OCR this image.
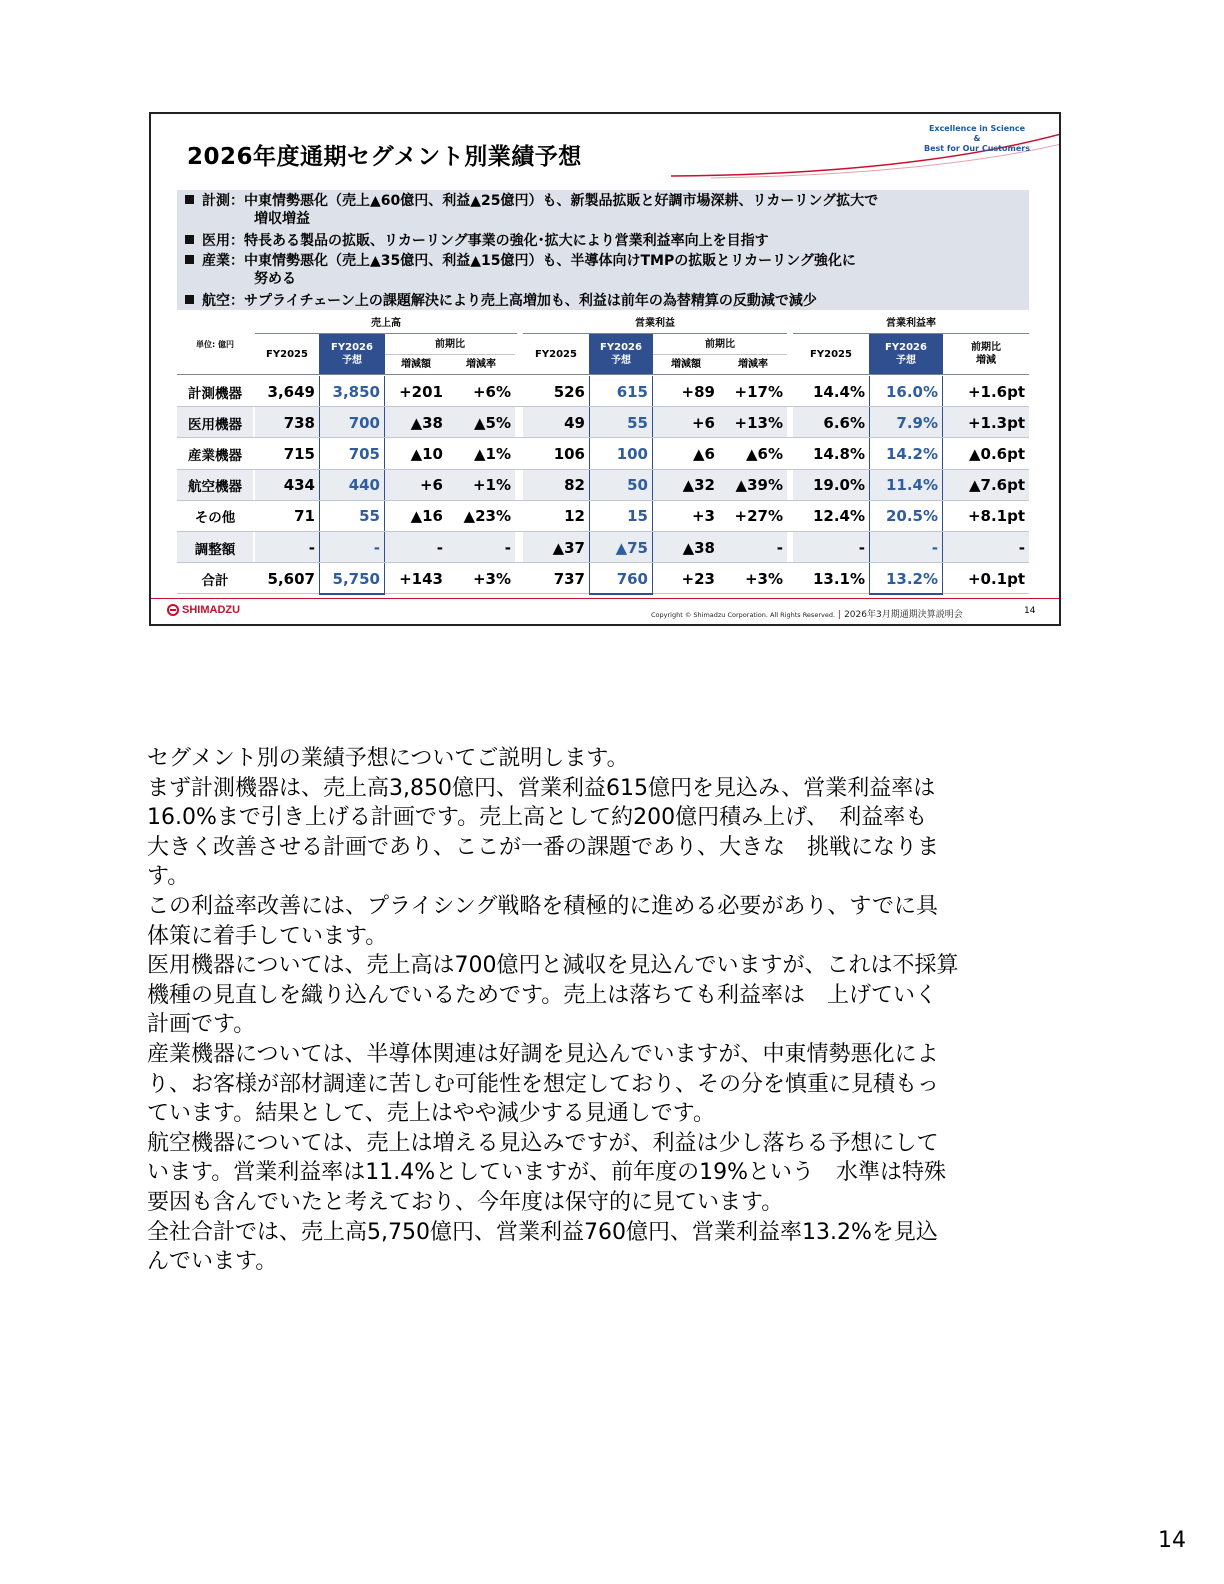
2026年度通期セグメント別業績予想
Excellence in Science
&
Best for Our Customers
計測：中東情勢悪化（売上▲60億円、利益▲25億円）も、新製品拡販と好調市場深耕、リカーリング拡大で
増収増益
医用：特長ある製品の拡販、リカーリング事業の強化･拡大により営業利益率向上を目指す
産業：中東情勢悪化（売上▲35億円、利益▲15億円）も、半導体向けTMPの拡販とリカーリング強化に
努める
航空：サプライチェーン上の課題解決により売上高増加も、利益は前年の為替精算の反動減で減少
売上高	営業利益	営業利益率
単位: 億円
FY2025
FY2026
予想
前期比
増減額	増減率
FY2025
FY2026
予想
前期比
増減額	増減率
FY2025
FY2026
予想
前期比
増減
計測機器	3,649	3,850	+201	+6%	526	615	+89	+17%	14.4%	16.0%	+1.6pt
医用機器	738	700	▲38	▲5%	49	55	+6	+13%	6.6%	7.9%	+1.3pt
産業機器	715	705	▲10	▲1%	106	100	▲6	▲6%	14.8%	14.2%	▲0.6pt
航空機器	434	440	+6	+1%	82	50	▲32	▲39%	19.0%	11.4%	▲7.6pt
その他	71	55	▲16	▲23%	12	15	+3	+27%	12.4%	20.5%	+8.1pt
調整額	-	-	-	-	▲37	▲75	▲38	-	-	-	-
合計	5,607	5,750	+143	+3%	737	760	+23	+3%	13.1%	13.2%	+0.1pt
SHIMADZU	Copyright © Shimadzu Corporation. All Rights Reserved. | 2026年3月期通期決算説明会	14

セグメント別の業績予想についてご説明します。

まず計測機器は、売上高3,850億円、営業利益615億円を見込み、営業利益率は

16.0%まで引き上げる計画です。売上高として約200億円積み上げ、　利益率も

大きく改善させる計画であり、ここが一番の課題であり、大きな　挑戦になりま

す。

この利益率改善には、プライシング戦略を積極的に進める必要があり、すでに具

体策に着手しています。

医用機器については、売上高は700億円と減収を見込んでいますが、これは不採算

機種の見直しを織り込んでいるためです。売上は落ちても利益率は　上げていく

計画です。

産業機器については、半導体関連は好調を見込んでいますが、中東情勢悪化によ

り、お客様が部材調達に苦しむ可能性を想定しており、その分を慎重に見積もっ

ています。結果として、売上はやや減少する見通しです。

航空機器については、売上は増える見込みですが、利益は少し落ちる予想にして

います。営業利益率は11.4%としていますが、前年度の19%という　水準は特殊

要因も含んでいたと考えており、今年度は保守的に見ています。

全社合計では、売上高5,750億円、営業利益760億円、営業利益率13.2%を見込

んでいます。

14
